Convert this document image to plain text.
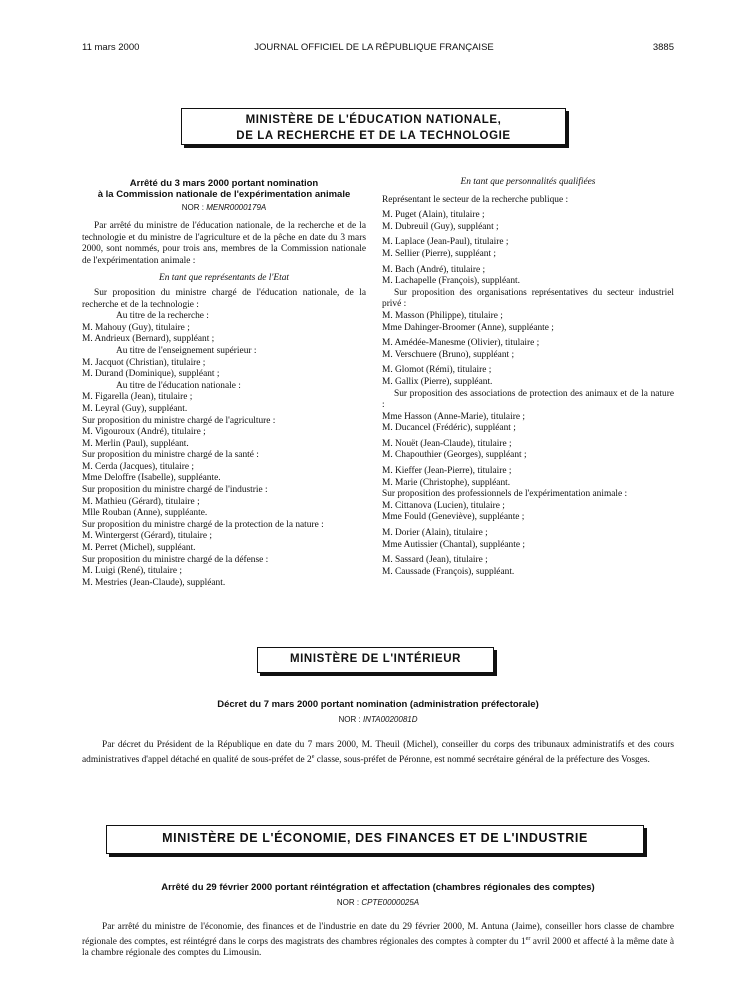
11 mars 2000	JOURNAL OFFICIEL DE LA RÉPUBLIQUE FRANÇAISE	3885
MINISTÈRE DE L'ÉDUCATION NATIONALE,
DE LA RECHERCHE ET DE LA TECHNOLOGIE
Arrêté du 3 mars 2000 portant nomination
à la Commission nationale de l'expérimentation animale
NOR : MENR0000179A

Par arrêté du ministre de l'éducation nationale, de la recherche et de la technologie et du ministre de l'agriculture et de la pêche en date du 3 mars 2000, sont nommés, pour trois ans, membres de la Commission nationale de l'expérimentation animale :

En tant que représentants de l'Etat

Sur proposition du ministre chargé de l'éducation nationale, de la recherche et de la technologie :

Au titre de la recherche :

M. Mahouy (Guy), titulaire ;

M. Andrieux (Bernard), suppléant ;

Au titre de l'enseignement supérieur :

M. Jacquot (Christian), titulaire ;

M. Durand (Dominique), suppléant ;

Au titre de l'éducation nationale :

M. Figarella (Jean), titulaire ;

M. Leyral (Guy), suppléant.

Sur proposition du ministre chargé de l'agriculture :

M. Vigouroux (André), titulaire ;

M. Merlin (Paul), suppléant.

Sur proposition du ministre chargé de la santé :

M. Cerda (Jacques), titulaire ;

Mme Deloffre (Isabelle), suppléante.

Sur proposition du ministre chargé de l'industrie :

M. Mathieu (Gérard), titulaire ;

Mlle Rouban (Anne), suppléante.

Sur proposition du ministre chargé de la protection de la nature :

M. Wintergerst (Gérard), titulaire ;

M. Perret (Michel), suppléant.

Sur proposition du ministre chargé de la défense :

M. Luigi (René), titulaire ;

M. Mestries (Jean-Claude), suppléant.

En tant que personnalités qualifiées

Représentant le secteur de la recherche publique :

M. Puget (Alain), titulaire ;

M. Dubreuil (Guy), suppléant ;

M. Laplace (Jean-Paul), titulaire ;

M. Sellier (Pierre), suppléant ;

M. Bach (André), titulaire ;

M. Lachapelle (François), suppléant.

Sur proposition des organisations représentatives du secteur industriel privé :

M. Masson (Philippe), titulaire ;

Mme Dahinger-Broomer (Anne), suppléante ;

M. Amédée-Manesme (Olivier), titulaire ;

M. Verschuere (Bruno), suppléant ;

M. Glomot (Rémi), titulaire ;

M. Gallix (Pierre), suppléant.

Sur proposition des associations de protection des animaux et de la nature :

Mme Hasson (Anne-Marie), titulaire ;

M. Ducancel (Frédéric), suppléant ;

M. Nouët (Jean-Claude), titulaire ;

M. Chapouthier (Georges), suppléant ;

M. Kieffer (Jean-Pierre), titulaire ;

M. Marie (Christophe), suppléant.

Sur proposition des professionnels de l'expérimentation animale :

M. Cittanova (Lucien), titulaire ;

Mme Fould (Geneviève), suppléante ;

M. Dorier (Alain), titulaire ;

Mme Autissier (Chantal), suppléante ;

M. Sassard (Jean), titulaire ;

M. Caussade (François), suppléant.

MINISTÈRE DE L'INTÉRIEUR
Décret du 7 mars 2000 portant nomination (administration préfectorale)
NOR : INTA0020081D
Par décret du Président de la République en date du 7 mars 2000, M. Theuil (Michel), conseiller du corps des tribunaux administratifs et des cours administratives d'appel détaché en qualité de sous-préfet de 2e classe, sous-préfet de Péronne, est nommé secrétaire général de la préfecture des Vosges.
MINISTÈRE DE L'ÉCONOMIE, DES FINANCES ET DE L'INDUSTRIE
Arrêté du 29 février 2000 portant réintégration et affectation (chambres régionales des comptes)
NOR : CPTE0000025A
Par arrêté du ministre de l'économie, des finances et de l'industrie en date du 29 février 2000, M. Antuna (Jaime), conseiller hors classe de chambre régionale des comptes, est réintégré dans le corps des magistrats des chambres régionales des comptes à compter du 1er avril 2000 et affecté à la même date à la chambre régionale des comptes du Limousin.
